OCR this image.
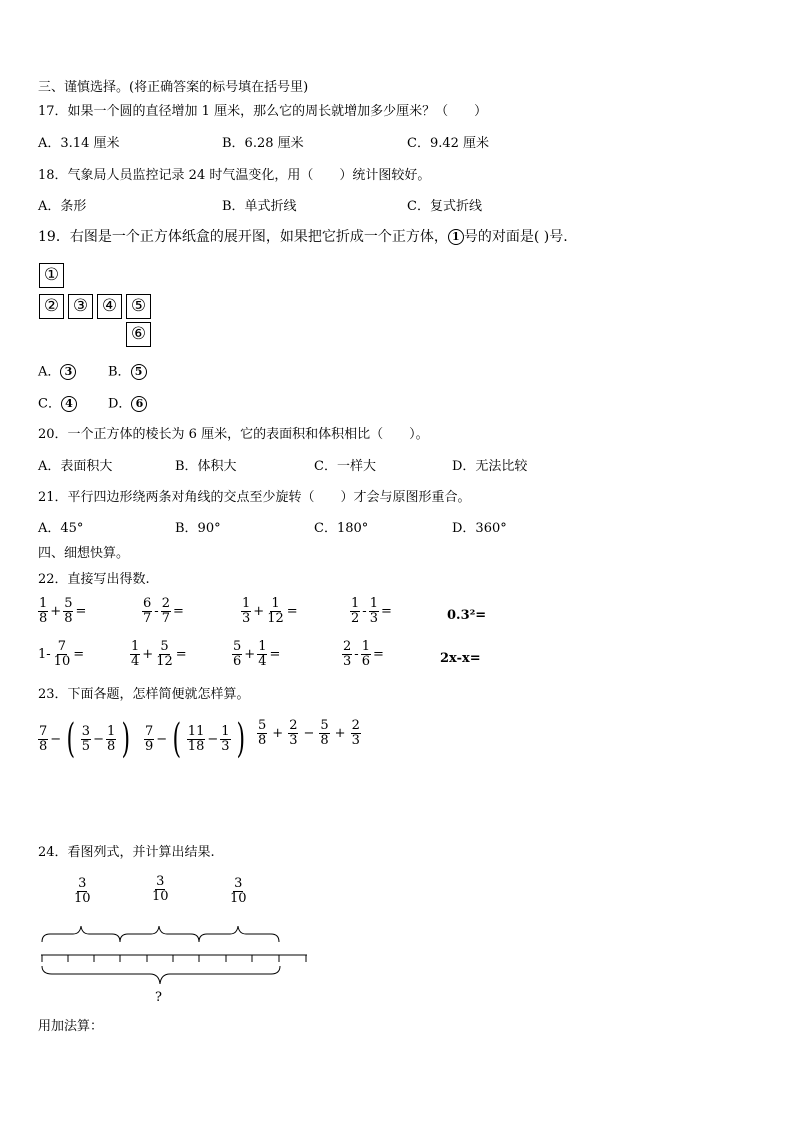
三、谨慎选择。(将正确答案的标号填在括号里)
17．如果一个圆的直径增加 1 厘米，那么它的周长就增加多少厘米？（　　）
A．3.14 厘米	B．6.28 厘米	C．9.42 厘米
18．气象局人员监控记录 24 时气温变化，用（　　）统计图较好。
A．条形	B．单式折线	C．复式折线
19．右图是一个正方体纸盒的展开图，如果把它折成一个正方体， 1 号的对面是( )号.
①
② ③ ④ ⑤
⑥
A． 3	B． 5
C． 4	D． 6
20．一个正方体的棱长为 6 厘米，它的表面积和体积相比（　　）。
A．表面积大	B．体积大	C．一样大	D．无法比较
21．平行四边形绕两条对角线的交点至少旋转（　　）才会与原图形重合。
A．45°	B．90°	C．180°	D．360°
四、细想快算。
22．直接写出得数.
$\frac{1}{8} + \frac{5}{8}$ =	$\frac{6}{7} - \frac{2}{7}$ =	$\frac{1}{3} + \frac{1}{12}$ =	$\frac{1}{2} - \frac{1}{3}$ =	0.3²=
$1- \frac{7}{10}$ =	$\frac{1}{4} + \frac{5}{12}$ =	$\frac{5}{6} + \frac{1}{4}$ =	$\frac{2}{3} - \frac{1}{6}$ =	2x-x=
23．下面各题，怎样简便就怎样算。
$\frac{7}{8}$ − ( $\frac{3}{5} - \frac{1}{8}$ ) $\frac{7}{9}$ − ( $\frac{11}{18} - \frac{1}{3}$ ) $\frac{5}{8} + \frac{2}{3} - \frac{5}{8} + \frac{2}{3}$
24．看图列式，并计算出结果.
$\frac{3}{10}$	$\frac{3}{10}$	$\frac{3}{10}$
?
用加法算：
